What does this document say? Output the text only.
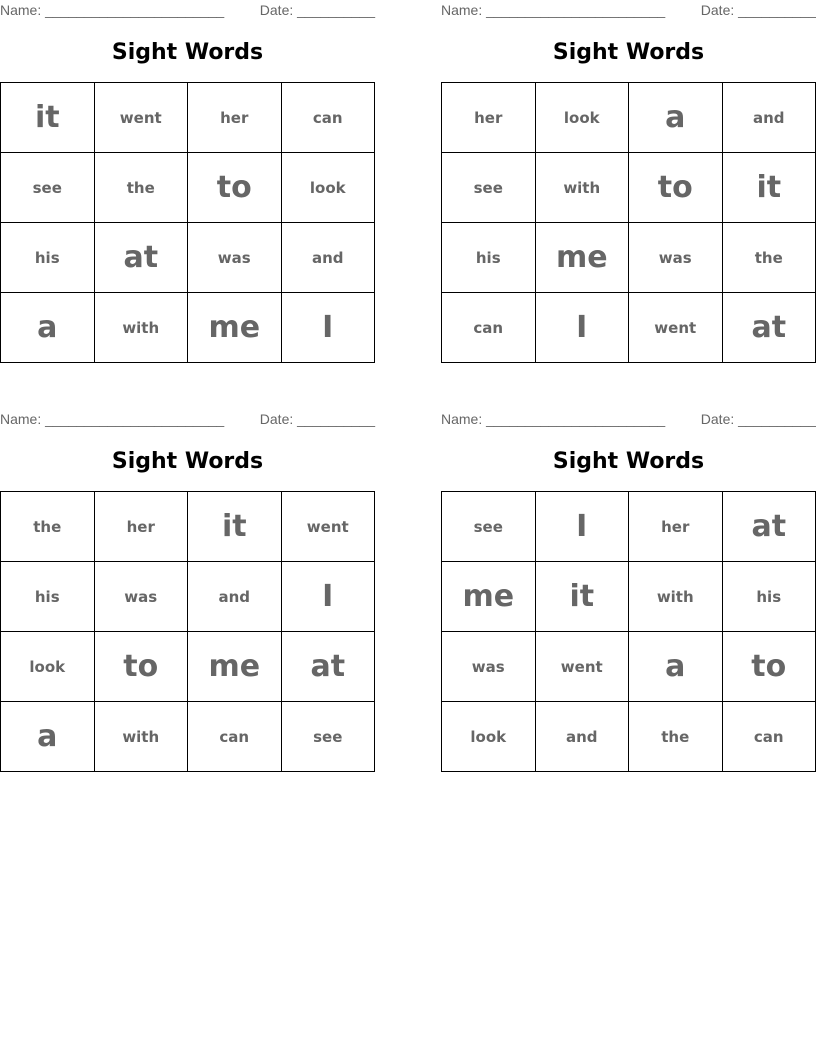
Name: _______________________	Date: __________
Sight Words
it	went	her	can
see	the	to	look
his	at	was	and
a	with	me	I
Name: _______________________	Date: __________
Sight Words
her	look	a	and
see	with	to	it
his	me	was	the
can	I	went	at
Name: _______________________	Date: __________
Sight Words
the	her	it	went
his	was	and	I
look	to	me	at
a	with	can	see
Name: _______________________	Date: __________
Sight Words
see	I	her	at
me	it	with	his
was	went	a	to
look	and	the	can
